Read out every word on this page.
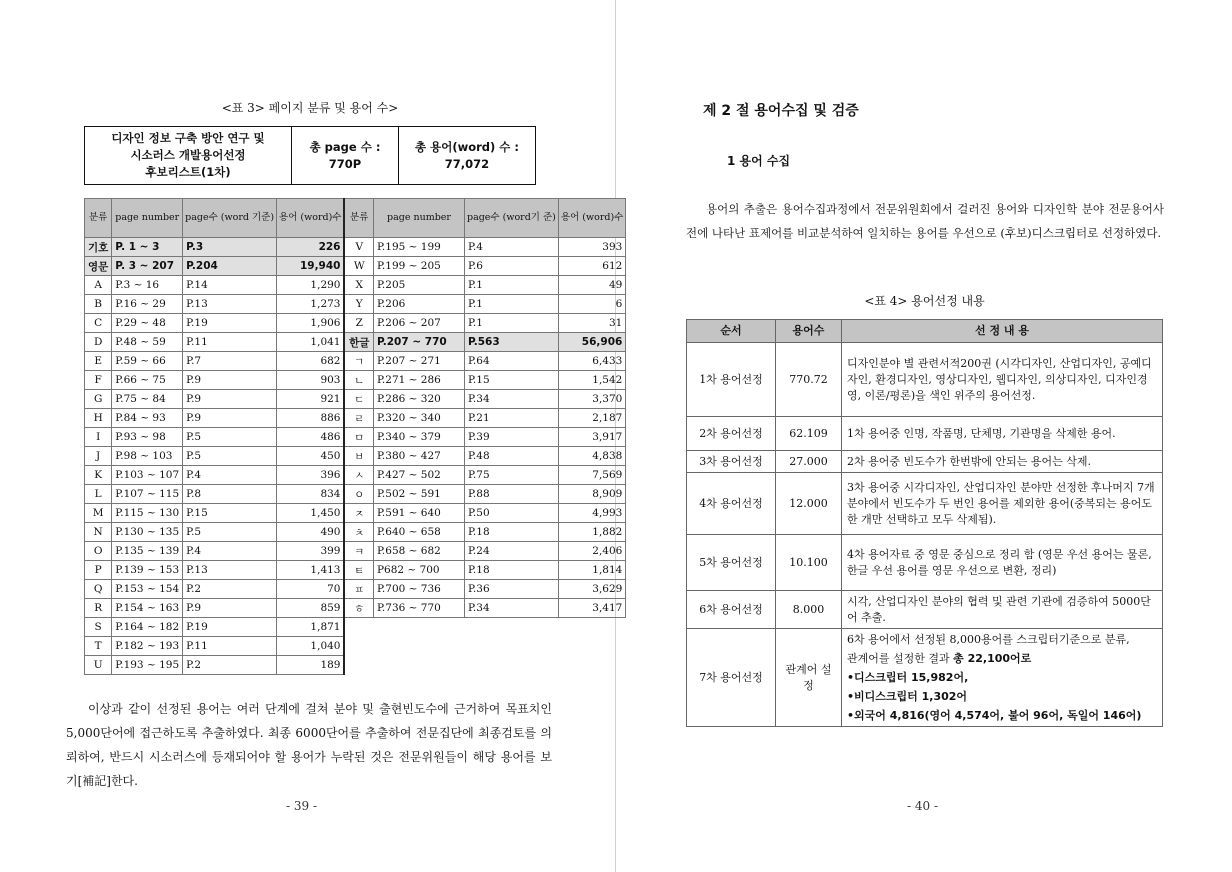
<표 3> 페이지 분류 및 용어 수>
디자인 정보 구축 방안 연구 및
시소러스 개발용어선정
후보리스트(1차)

총 page 수 :
770P

총 용어(word) 수 :
77,072
분류	page number	page수 (word 기준)	용어 (word)수	분류	page number	page수 (word기 준)	용어 (word)수
기호	P. 1 ~ 3	P.3	226	V	P.195 ~ 199	P.4	393
영문	P. 3 ~ 207	P.204	19,940	W	P.199 ~ 205	P.6	612
A	P.3 ~ 16	P.14	1,290	X	P.205	P.1	49
B	P.16 ~ 29	P.13	1,273	Y	P.206	P.1	6
C	P.29 ~ 48	P.19	1,906	Z	P.206 ~ 207	P.1	31
D	P.48 ~ 59	P.11	1,041	한글	P.207 ~ 770	P.563	56,906
E	P.59 ~ 66	P.7	682	ㄱ	P.207 ~ 271	P.64	6,433
F	P.66 ~ 75	P.9	903	ㄴ	P.271 ~ 286	P.15	1,542
G	P.75 ~ 84	P.9	921	ㄷ	P.286 ~ 320	P.34	3,370
H	P.84 ~ 93	P.9	886	ㄹ	P.320 ~ 340	P.21	2,187
I	P.93 ~ 98	P.5	486	ㅁ	P.340 ~ 379	P.39	3,917
J	P.98 ~ 103	P.5	450	ㅂ	P.380 ~ 427	P.48	4,838
K	P.103 ~ 107	P.4	396	ㅅ	P.427 ~ 502	P.75	7,569
L	P.107 ~ 115	P.8	834	ㅇ	P.502 ~ 591	P.88	8,909
M	P.115 ~ 130	P.15	1,450	ㅈ	P.591 ~ 640	P.50	4,993
N	P.130 ~ 135	P.5	490	ㅊ	P.640 ~ 658	P.18	1,882
O	P.135 ~ 139	P.4	399	ㅋ	P.658 ~ 682	P.24	2,406
P	P.139 ~ 153	P.13	1,413	ㅌ	P682 ~ 700	P.18	1,814
Q	P.153 ~ 154	P.2	70	ㅍ	P.700 ~ 736	P.36	3,629
R	P.154 ~ 163	P.9	859	ㅎ	P.736 ~ 770	P.34	3,417
S	P.164 ~ 182	P.19	1,871				
T	P.182 ~ 193	P.11	1,040				
U	P.193 ~ 195	P.2	189				
이상과 같이 선정된 용어는 여러 단계에 걸쳐 분야 및 출현빈도수에 근거하여 목표치인 5,000단어에 접근하도록 추출하였다. 최종 6000단어를 추출하여 전문집단에 최종검토를 의뢰하여, 반드시 시소러스에 등재되어야 할 용어가 누락된 것은 전문위원들이 해당 용어를 보기[補記]한다.
- 39 -
제 2 절 용어수집 및 검증
1 용어 수집
용어의 추출은 용어수집과정에서 전문위원회에서 걸러진 용어와 디자인학 분야 전문용어사전에 나타난 표제어를 비교분석하여 일치하는 용어를 우선으로 (후보)디스크립터로 선정하였다.
<표 4> 용어선정 내용
순서	용어수	선 정 내 용
1차 용어선정	770.72	디자인분야 별 관련서적200권 (시각디자인, 산업디자인, 공예디자인, 환경디자인, 영상디자인, 웹디자인, 의상디자인, 디자인경영, 이론/평론)을 색인 위주의 용어선정.
2차 용어선정	62.109	1차 용어중 인명, 작품명, 단체명, 기관명을 삭제한 용어.
3차 용어선정	27.000	2차 용어중 빈도수가 한번밖에 안되는 용어는 삭제.
4차 용어선정	12.000	3차 용어중 시각디자인, 산업디자인 분야만 선정한 후나머지 7개 분야에서 빈도수가 두 번인 용어를 제외한 용어(중복되는 용어도 한 개만 선택하고 모두 삭제됨).
5차 용어선정	10.100	4차 용어자료 중 영문 중심으로 정리 함 (영문 우선 용어는 물론, 한글 우선 용어를 영문 우선으로 변환, 정리)
6차 용어선정	8.000	시각, 산업디자인 분야의 협력 및 관련 기관에 검증하여 5000단어 추출.
7차 용어선정	관계어 설정	6차 용어에서 선정된 8,000용어를 스크립터기준으로 분류,
관계어를 설정한 결과 총 22,100어로
•디스크립터 15,982어,
•비디스크립터 1,302어
•외국어 4,816(영어 4,574어, 불어 96어, 독일어 146어)
- 40 -
